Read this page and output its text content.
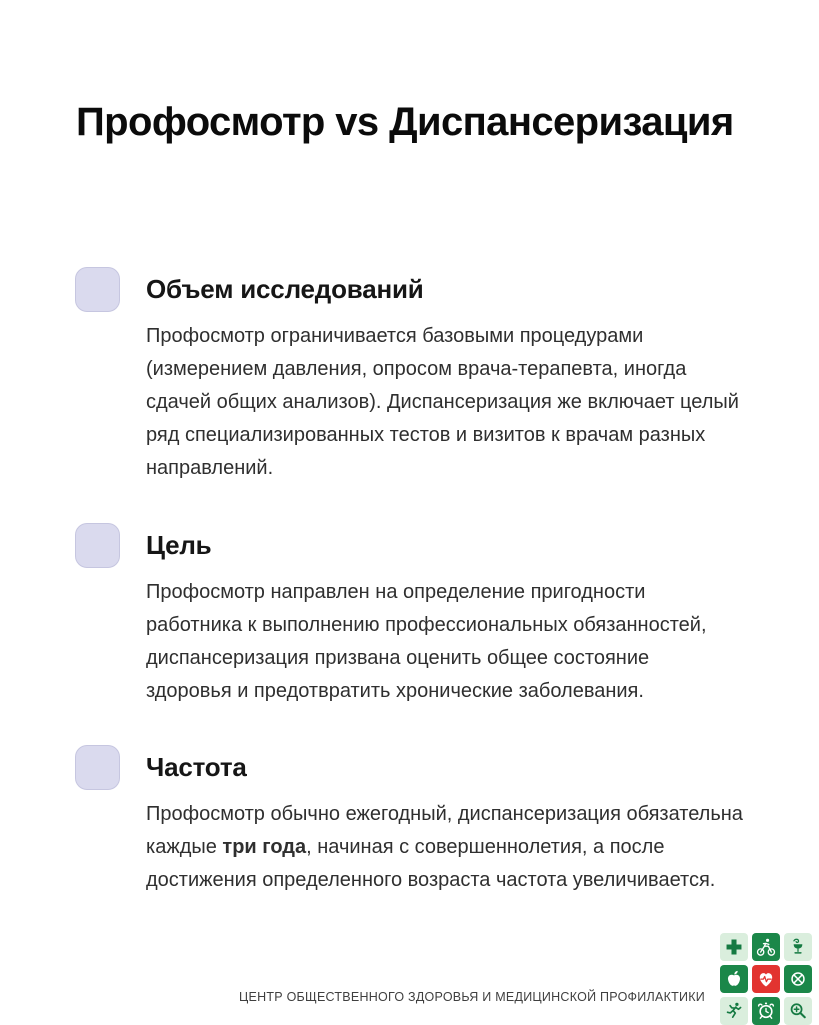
Профосмотр vs Диспансеризация
Объем исследований

Профосмотр ограничивается базовыми процедурами (измерением давления, опросом врача-терапевта, иногда сдачей общих анализов). Диспансеризация же включает целый ряд специализированных тестов и визитов к врачам разных направлений.

Цель

Профосмотр направлен на определение пригодности работника к выполнению профессиональных обязанностей, диспансеризация призвана оценить общее состояние здоровья и предотвратить хронические заболевания.

Частота

Профосмотр обычно ежегодный, диспансеризация обязательна каждые три года, начиная с совершеннолетия, а после достижения определенного возраста частота увеличивается.

ЦЕНТР ОБЩЕСТВЕННОГО ЗДОРОВЬЯ И МЕДИЦИНСКОЙ ПРОФИЛАКТИКИ
